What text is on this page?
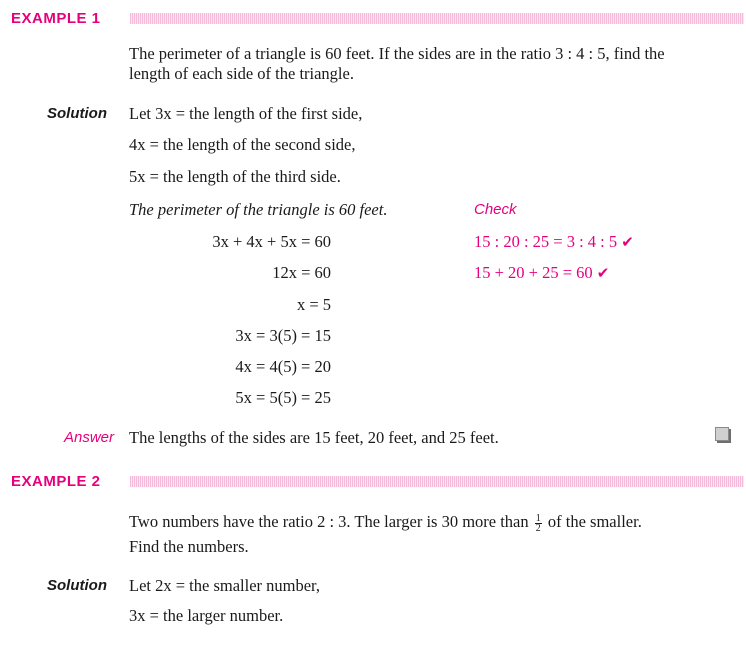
EXAMPLE 1
The perimeter of a triangle is 60 feet. If the sides are in the ratio 3 : 4 : 5, find the
length of each side of the triangle.
Solution Let 3x = the length of the first side,
4x = the length of the second side,
5x = the length of the third side.
The perimeter of the triangle is 60 feet.
3x + 4x + 5x = 60
12x = 60
x = 5
3x = 3(5) = 15
4x = 4(5) = 20
5x = 5(5) = 25
Check
15 : 20 : 25 = 3 : 4 : 5 ✔
15 + 20 + 25 = 60 ✔
Answer The lengths of the sides are 15 feet, 20 feet, and 25 feet.
EXAMPLE 2
Two numbers have the ratio 2 : 3. The larger is 30 more than $\frac{1}{2}$ of the smaller.
Find the numbers.
Solution Let 2x = the smaller number,
3x = the larger number.
